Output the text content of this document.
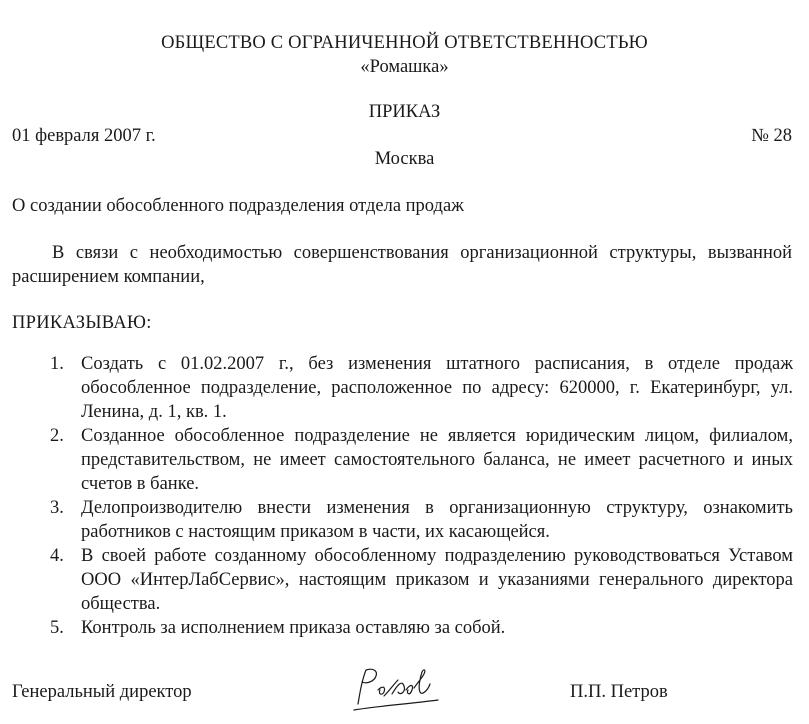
ОБЩЕСТВО С ОГРАНИЧЕННОЙ ОТВЕТСТВЕННОСТЬЮ
«Ромашка»
ПРИКАЗ
01 февраля 2007 г.	№ 28
Москва
О создании обособленного подразделения отдела продаж
В связи с необходимостью совершенствования организационной структуры, вызванной расширением компании,
ПРИКАЗЫВАЮ:
1. Создать с 01.02.2007 г., без изменения штатного расписания, в отделе продаж обособленное подразделение, расположенное по адресу: 620000, г. Екатеринбург, ул. Ленина, д. 1, кв. 1.
2. Созданное обособленное подразделение не является юридическим лицом, филиалом, представительством, не имеет самостоятельного баланса, не имеет расчетного и иных счетов в банке.
3. Делопроизводителю внести изменения в организационную структуру, ознакомить работников с настоящим приказом в части, их касающейся.
4. В своей работе созданному обособленному подразделению руководствоваться Уставом ООО «ИнтерЛабСервис», настоящим приказом и указаниями генерального директора общества.
5. Контроль за исполнением приказа оставляю за собой.
Генеральный директор	П.П. Петров
